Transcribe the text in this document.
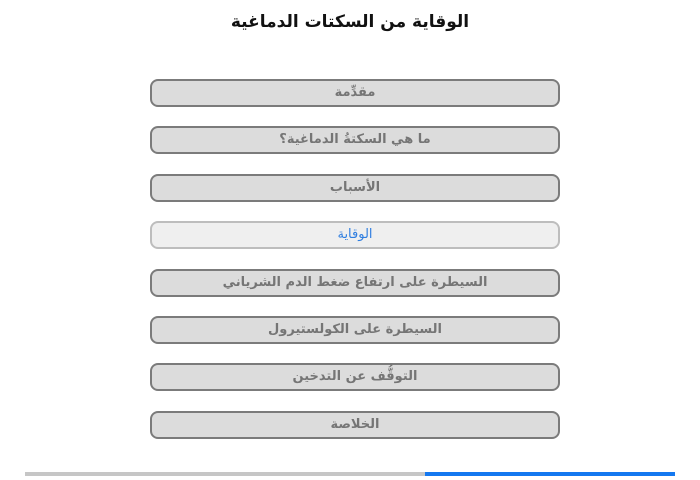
الوقاية من السكتات الدماغية
مقدِّمة
ما هي السكتةُ الدماغية؟
الأسباب
الوقاية
السيطرة على ارتفاع ضغط الدم الشرياني
السيطرة على الكولستيرول
التوقُّف عن التدخين
الخلاصة
